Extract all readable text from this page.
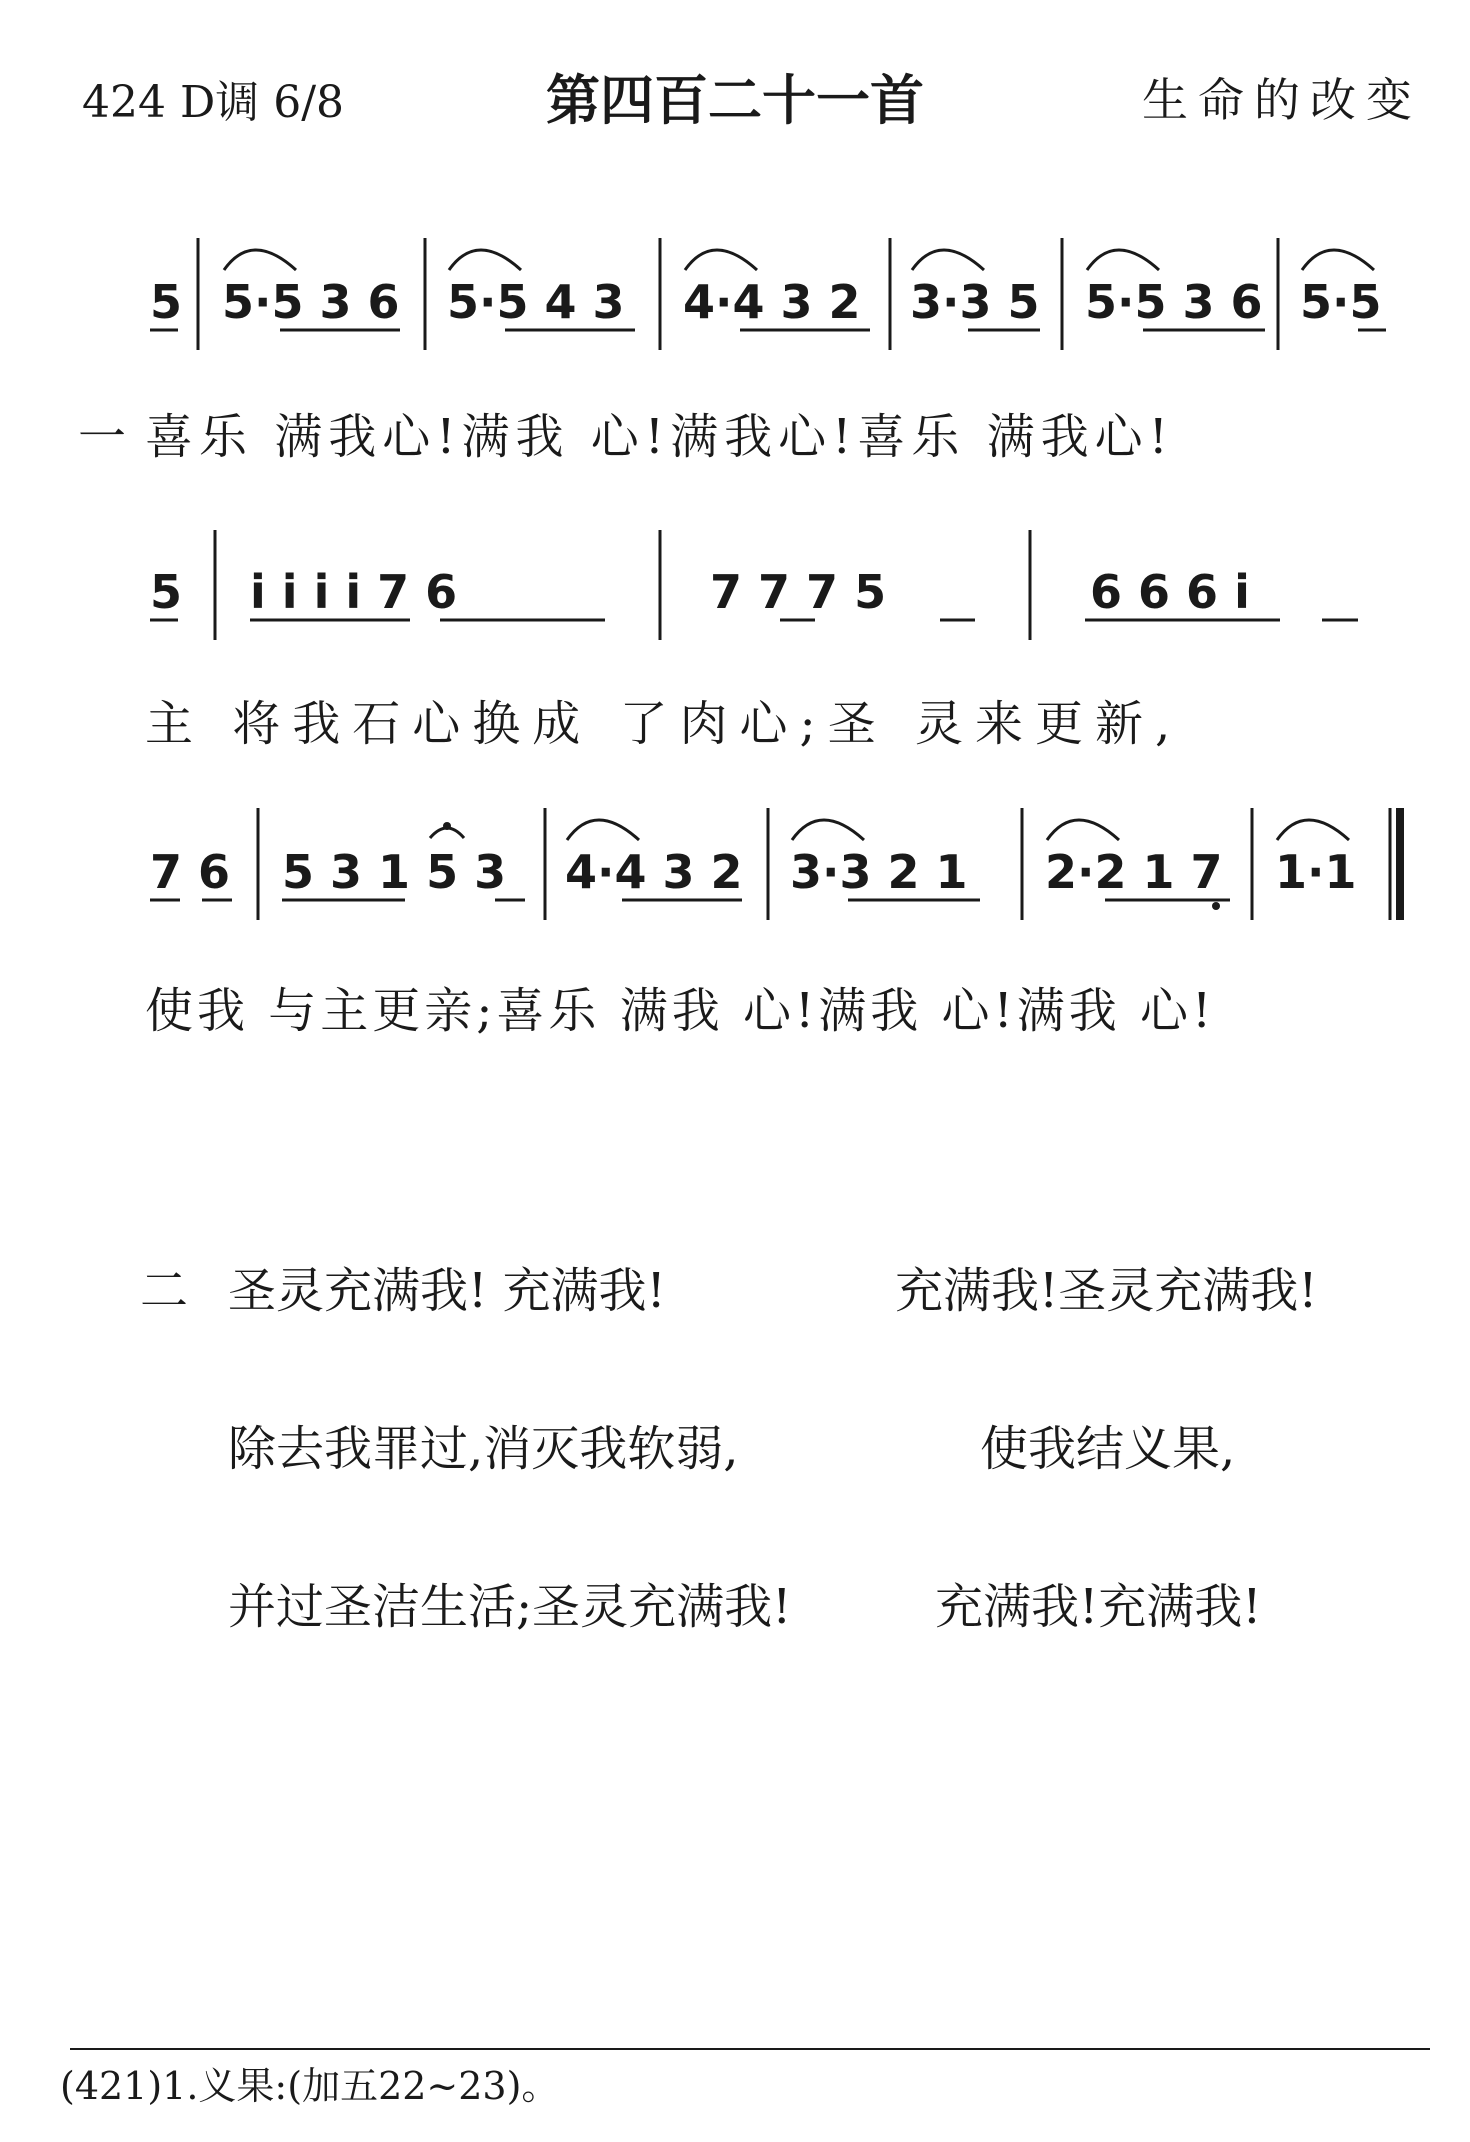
424 D调 6/8	第四百二十一首	生命的改变
5 5·5 3 6 5·5 4 3 4·4 3 2 3·3 5 5·5 3 6 5·5
5 i i i i 7 6	7 7 7 5	6 6 6 i
7 6 5 3 1 5 3 4·4 3 2 3·3 2 1 2·2 1 7 1·1
一 喜乐 满我心!满我 心!满我心!喜乐 满我心!
主 将我石心换成 了肉心;圣 灵来更新,
使我 与主更亲;喜乐 满我 心!满我 心!满我 心!
二 圣灵充满我! 充满我!	充满我!圣灵充满我!
除去我罪过,消灭我软弱,	使我结义果,
并过圣洁生活;圣灵充满我!	充满我!充满我!
(421)1.义果:(加五22~23)。
